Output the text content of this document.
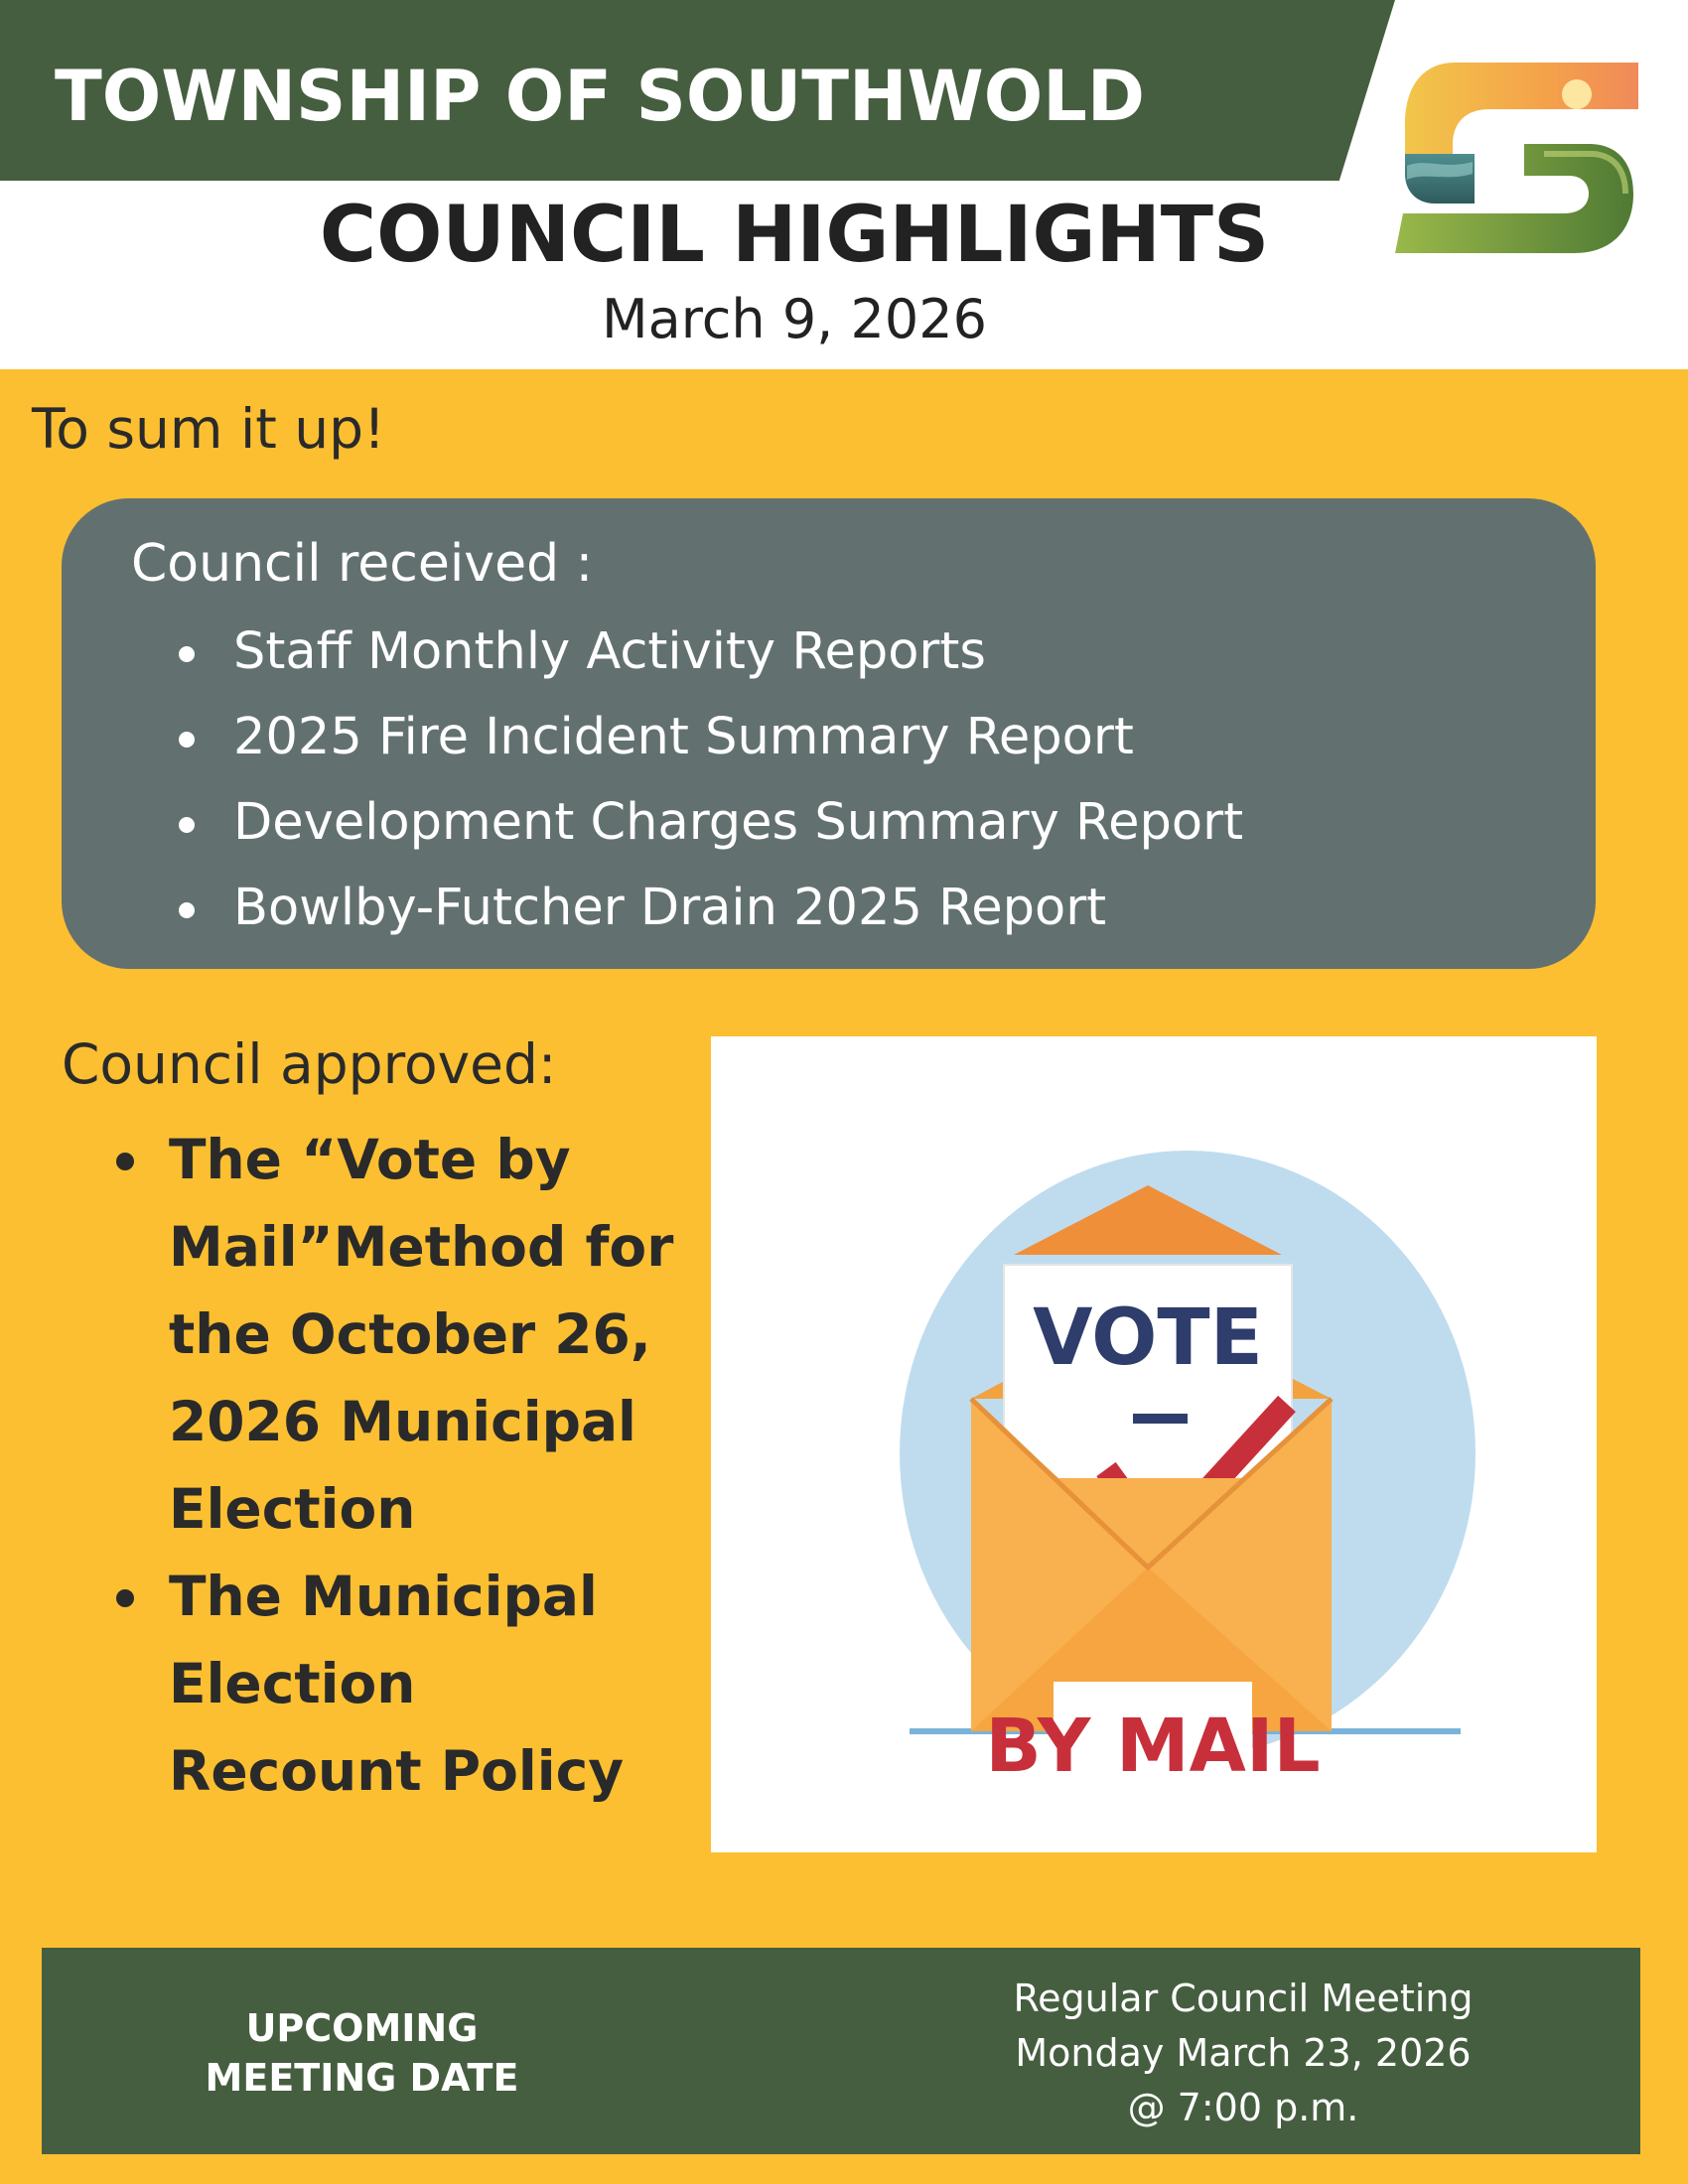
TOWNSHIP OF SOUTHWOLD
COUNCIL HIGHLIGHTS
March 9, 2026
To sum it up!
Council received :
Staff Monthly Activity Reports
2025 Fire Incident Summary Report
Development Charges Summary Report
Bowlby-Futcher Drain 2025 Report
Council approved:
The “Vote by Mail”Method for the October 26, 2026 Municipal Election
The Municipal Election Recount Policy
VOTE
BY MAIL
UPCOMING
MEETING DATE
Regular Council Meeting
Monday March 23, 2026
@ 7:00 p.m.
